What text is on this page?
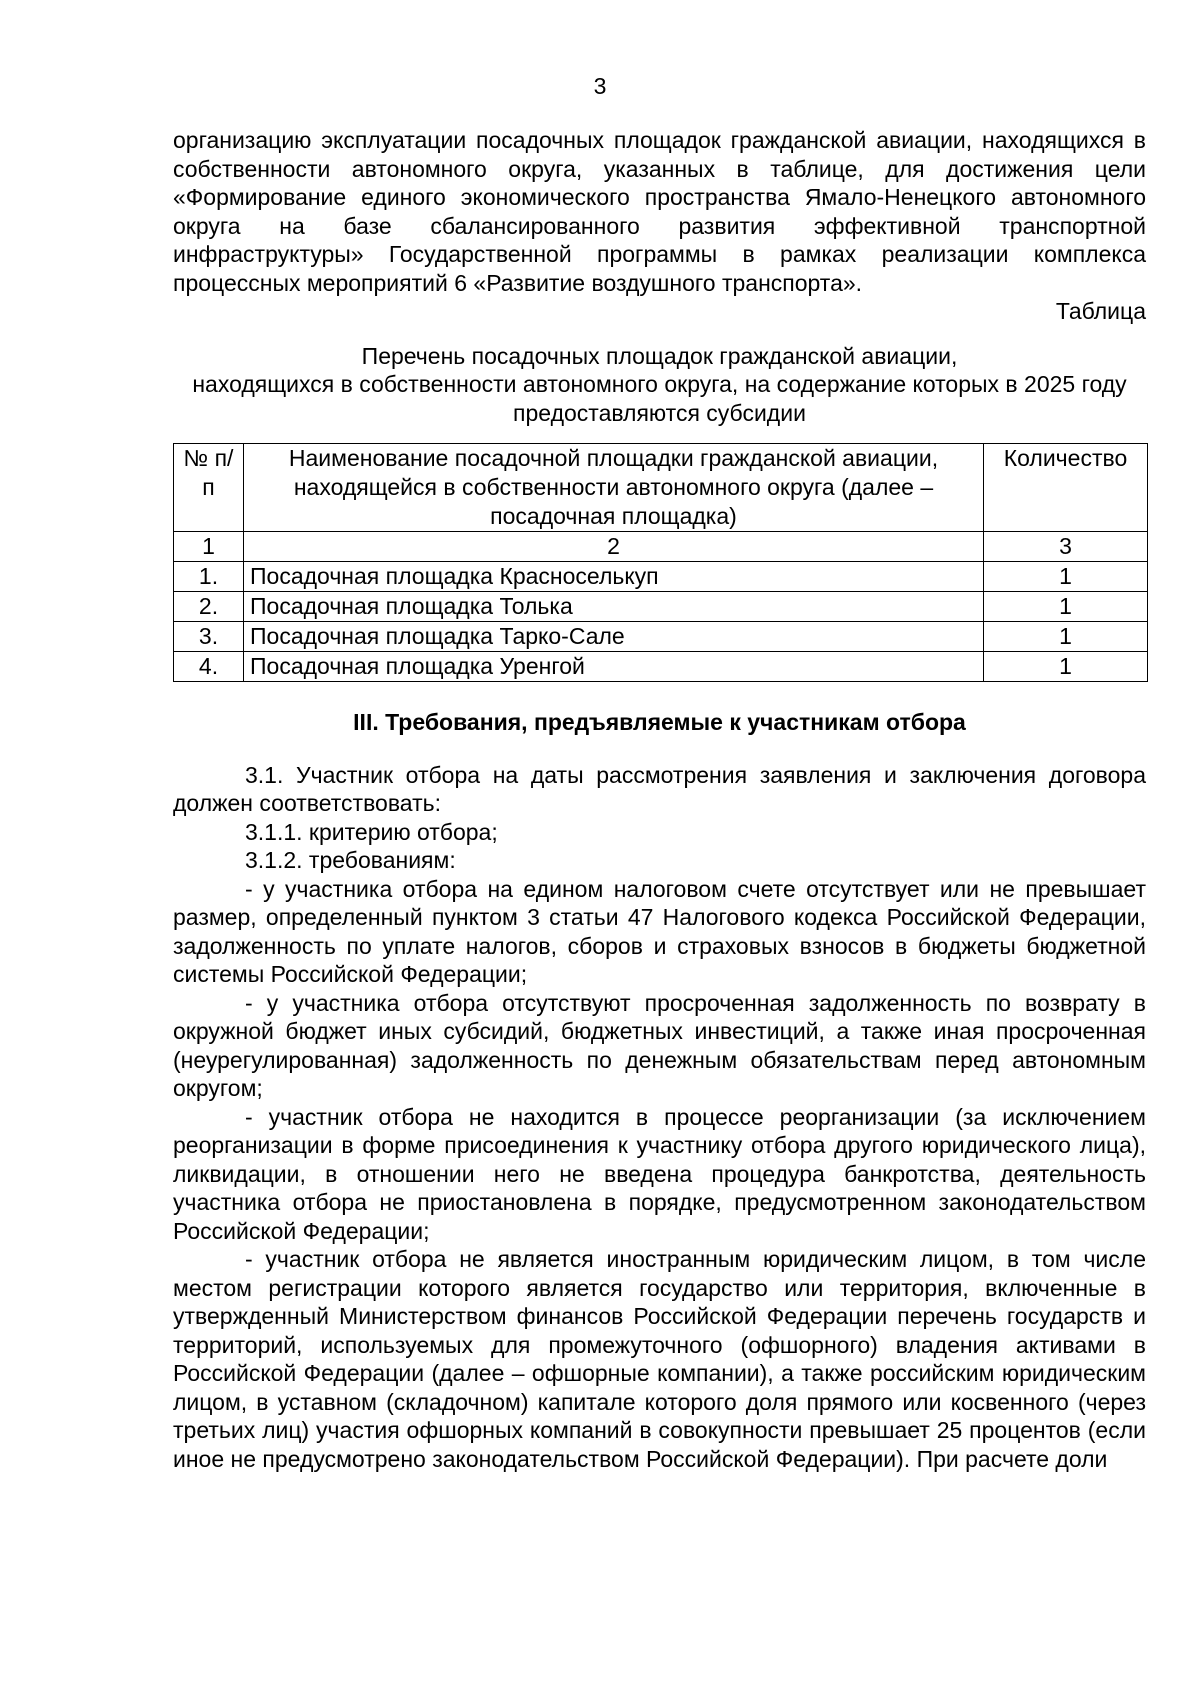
3

организацию эксплуатации посадочных площадок гражданской авиации, находящихся в собственности автономного округа, указанных в таблице, для достижения цели «Формирование единого экономического пространства Ямало-Ненецкого автономного округа на базе сбалансированного развития эффективной транспортной инфраструктуры» Государственной программы в рамках реализации комплекса процессных мероприятий 6 «Развитие воздушного транспорта».

Таблица

Перечень посадочных площадок гражданской авиации,

находящихся в собственности автономного округа, на содержание которых в 2025 году предоставляются субсидии

№ п/п	Наименование посадочной площадки гражданской авиации, находящейся в собственности автономного округа (далее – посадочная площадка)	Количество
1	2	3
1.	Посадочная площадка Красноселькуп	1
2.	Посадочная площадка Толька	1
3.	Посадочная площадка Тарко-Сале	1
4.	Посадочная площадка Уренгой	1

III. Требования, предъявляемые к участникам отбора

3.1. Участник отбора на даты рассмотрения заявления и заключения договора должен соответствовать:

3.1.1. критерию отбора;

3.1.2. требованиям:

- у участника отбора на едином налоговом счете отсутствует или не превышает размер, определенный пунктом 3 статьи 47 Налогового кодекса Российской Федерации, задолженность по уплате налогов, сборов и страховых взносов в бюджеты бюджетной системы Российской Федерации;

- у участника отбора отсутствуют просроченная задолженность по возврату в окружной бюджет иных субсидий, бюджетных инвестиций, а также иная просроченная (неурегулированная) задолженность по денежным обязательствам перед автономным округом;

- участник отбора не находится в процессе реорганизации (за исключением реорганизации в форме присоединения к участнику отбора другого юридического лица), ликвидации, в отношении него не введена процедура банкротства, деятельность участника отбора не приостановлена в порядке, предусмотренном законодательством Российской Федерации;

- участник отбора не является иностранным юридическим лицом, в том числе местом регистрации которого является государство или территория, включенные в утвержденный Министерством финансов Российской Федерации перечень государств и территорий, используемых для промежуточного (офшорного) владения активами в Российской Федерации (далее – офшорные компании), а также российским юридическим лицом, в уставном (складочном) капитале которого доля прямого или косвенного (через третьих лиц) участия офшорных компаний в совокупности превышает 25 процентов (если иное не предусмотрено законодательством Российской Федерации). При расчете доли
